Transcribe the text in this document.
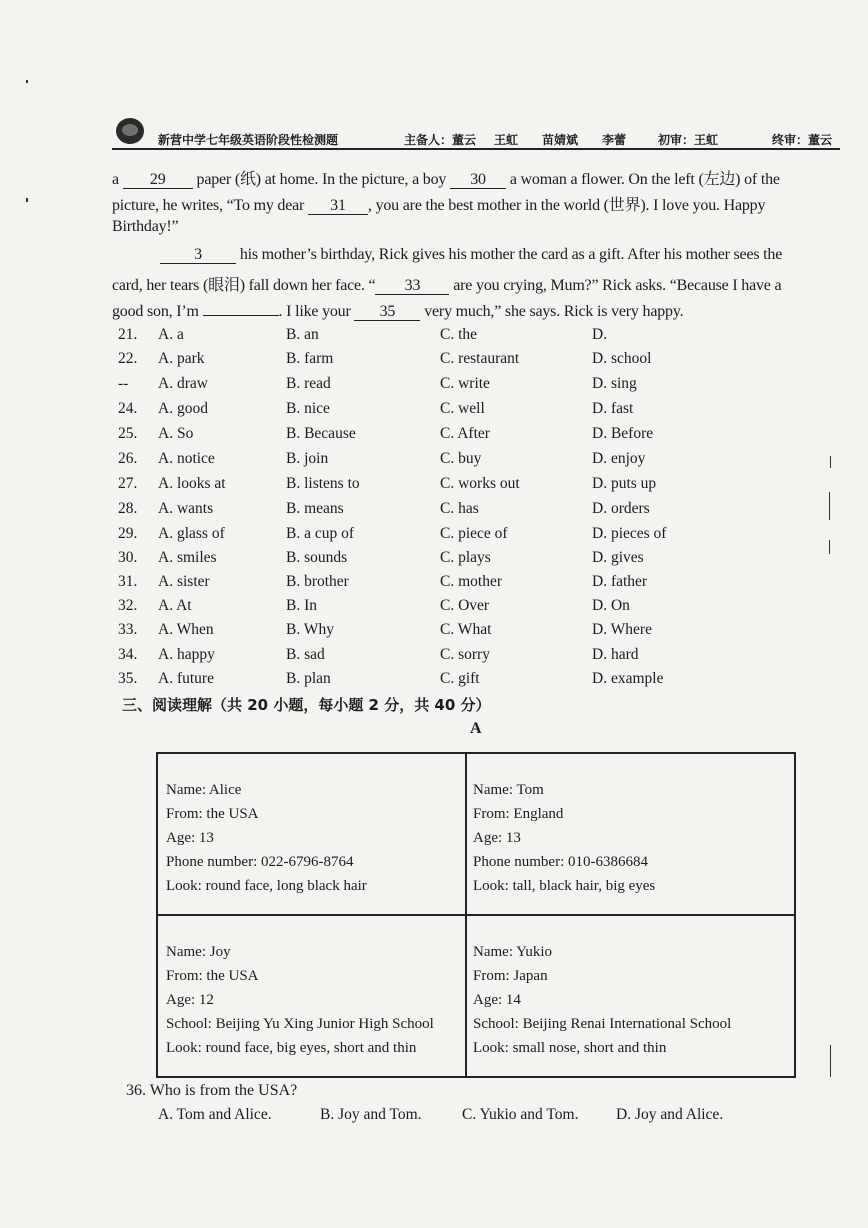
新营中学七年级英语阶段性检测题	主备人：董云 王虹 苗婧斌 李蕾	初审：王虹	终审：董云
a 29 paper (纸) at home. In the picture, a boy 30 a woman a flower. On the left (左边) of the
picture, he writes, “To my dear 31 , you are the best mother in the world (世界). I love you. Happy
Birthday!”
3 his mother’s birthday, Rick gives his mother the card as a gift. After his mother sees the
card, her tears (眼泪) fall down her face. “ 33 are you crying, Mum?” Rick asks. “Because I have a
good son, I’m	. I like your 35 very much,” she says. Rick is very happy.
21. A. a	B. an	C. the	D.
22. A. park	B. farm	C. restaurant	D. school
-- A. draw	B. read	C. write	D. sing
24. A. good	B. nice	C. well	D. fast
25. A. So	B. Because	C. After	D. Before
26. A. notice	B. join	C. buy	D. enjoy
27. A. looks at	B. listens to	C. works out	D. puts up
28. A. wants	B. means	C. has	D. orders
29. A. glass of	B. a cup of	C. piece of	D. pieces of
30. A. smiles	B. sounds	C. plays	D. gives
31. A. sister	B. brother	C. mother	D. father
32. A. At	B. In	C. Over	D. On
33. A. When	B. Why	C. What	D. Where
34. A. happy	B. sad	C. sorry	D. hard
35. A. future	B. plan	C. gift	D. example
三、阅读理解（共 20 小题，每小题 2 分，共 40 分）
A
Name: Alice
From: the USA
Age: 13
Phone number: 022-6796-8764
Look: round face, long black hair
Name: Tom
From: England
Age: 13
Phone number: 010-6386684
Look: tall, black hair, big eyes
Name: Joy
From: the USA
Age: 12
School: Beijing Yu Xing Junior High School
Look: round face, big eyes, short and thin
Name: Yukio
From: Japan
Age: 14
School: Beijing Renai International School
Look: small nose, short and thin
36. Who is from the USA?
A. Tom and Alice.	B. Joy and Tom.	C. Yukio and Tom. D. Joy and Alice.
